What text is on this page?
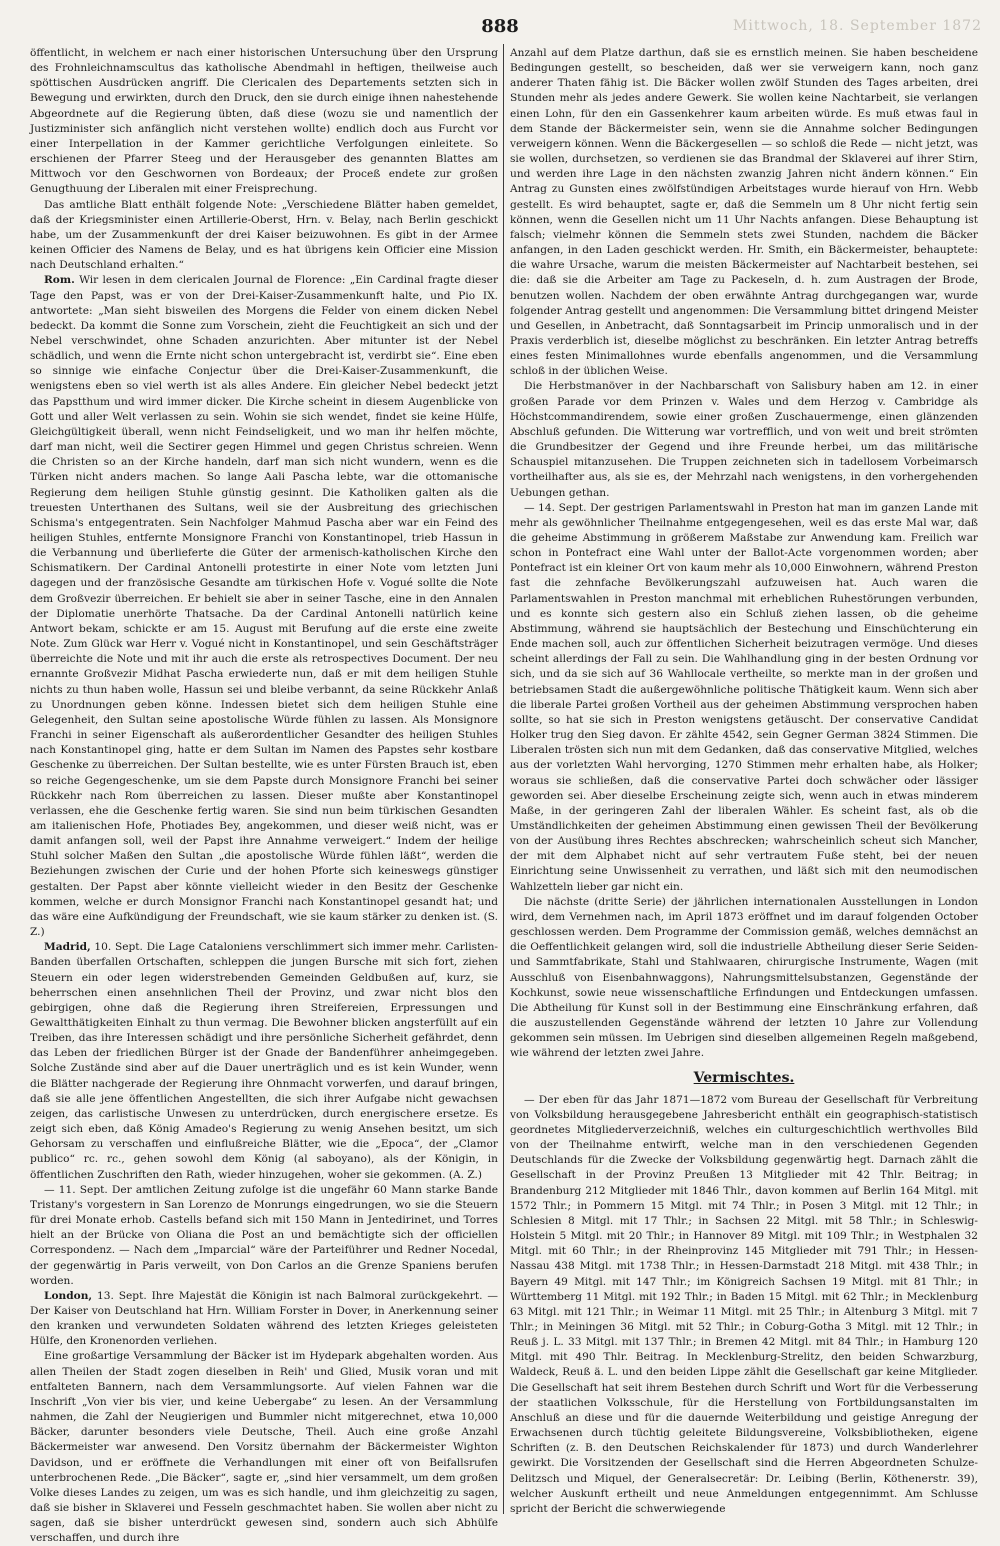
888	Mittwoch, 18. September 1872

öffentlicht, in welchem er nach einer historischen Untersuchung über den Ursprung des Frohnleichnamscultus das katholische Abendmahl in heftigen, theilweise auch spöttischen Ausdrücken angriff. Die Clericalen des Departements setzten sich in Bewegung und erwirkten, durch den Druck, den sie durch einige ihnen nahestehende Abgeordnete auf die Regierung übten, daß diese (wozu sie und namentlich der Justizminister sich anfänglich nicht verstehen wollte) endlich doch aus Furcht vor einer Interpellation in der Kammer gerichtliche Verfolgungen einleitete. So erschienen der Pfarrer Steeg und der Herausgeber des genannten Blattes am Mittwoch vor den Geschwornen von Bordeaux; der Proceß endete zur großen Genugthuung der Liberalen mit einer Freisprechung.

Das amtliche Blatt enthält folgende Note: „Verschiedene Blätter haben gemeldet, daß der Kriegsminister einen Artillerie-Oberst, Hrn. v. Belay, nach Berlin geschickt habe, um der Zusammenkunft der drei Kaiser beizuwohnen. Es gibt in der Armee keinen Officier des Namens de Belay, und es hat übrigens kein Officier eine Mission nach Deutschland erhalten.“

Rom. Wir lesen in dem clericalen Journal de Florence: „Ein Cardinal fragte dieser Tage den Papst, was er von der Drei-Kaiser-Zusammenkunft halte, und Pio IX. antwortete: „Man sieht bisweilen des Morgens die Felder von einem dicken Nebel bedeckt. Da kommt die Sonne zum Vorschein, zieht die Feuchtigkeit an sich und der Nebel verschwindet, ohne Schaden anzurichten. Aber mitunter ist der Nebel schädlich, und wenn die Ernte nicht schon untergebracht ist, verdirbt sie“. Eine eben so sinnige wie einfache Conjectur über die Drei-Kaiser-Zusammenkunft, die wenigstens eben so viel werth ist als alles Andere. Ein gleicher Nebel bedeckt jetzt das Papstthum und wird immer dicker. Die Kirche scheint in diesem Augenblicke von Gott und aller Welt verlassen zu sein. Wohin sie sich wendet, findet sie keine Hülfe, Gleichgültigkeit überall, wenn nicht Feindseligkeit, und wo man ihr helfen möchte, darf man nicht, weil die Sectirer gegen Himmel und gegen Christus schreien. Wenn die Christen so an der Kirche handeln, darf man sich nicht wundern, wenn es die Türken nicht anders machen. So lange Aali Pascha lebte, war die ottomanische Regierung dem heiligen Stuhle günstig gesinnt. Die Katholiken galten als die treuesten Unterthanen des Sultans, weil sie der Ausbreitung des griechischen Schisma's entgegentraten. Sein Nachfolger Mahmud Pascha aber war ein Feind des heiligen Stuhles, entfernte Monsignore Franchi von Konstantinopel, trieb Hassun in die Verbannung und überlieferte die Güter der armenisch-katholischen Kirche den Schismatikern. Der Cardinal Antonelli protestirte in einer Note vom letzten Juni dagegen und der französische Gesandte am türkischen Hofe v. Vogué sollte die Note dem Großvezir überreichen. Er behielt sie aber in seiner Tasche, eine in den Annalen der Diplomatie unerhörte Thatsache. Da der Cardinal Antonelli natürlich keine Antwort bekam, schickte er am 15. August mit Berufung auf die erste eine zweite Note. Zum Glück war Herr v. Vogué nicht in Konstantinopel, und sein Geschäftsträger überreichte die Note und mit ihr auch die erste als retrospectives Document. Der neu ernannte Großvezir Midhat Pascha erwiederte nun, daß er mit dem heiligen Stuhle nichts zu thun haben wolle, Hassun sei und bleibe verbannt, da seine Rückkehr Anlaß zu Unordnungen geben könne. Indessen bietet sich dem heiligen Stuhle eine Gelegenheit, den Sultan seine apostolische Würde fühlen zu lassen. Als Monsignore Franchi in seiner Eigenschaft als außerordentlicher Gesandter des heiligen Stuhles nach Konstantinopel ging, hatte er dem Sultan im Namen des Papstes sehr kostbare Geschenke zu überreichen. Der Sultan bestellte, wie es unter Fürsten Brauch ist, eben so reiche Gegengeschenke, um sie dem Papste durch Monsignore Franchi bei seiner Rückkehr nach Rom überreichen zu lassen. Dieser mußte aber Konstantinopel verlassen, ehe die Geschenke fertig waren. Sie sind nun beim türkischen Gesandten am italienischen Hofe, Photiades Bey, angekommen, und dieser weiß nicht, was er damit anfangen soll, weil der Papst ihre Annahme verweigert.“ Indem der heilige Stuhl solcher Maßen den Sultan „die apostolische Würde fühlen läßt“, werden die Beziehungen zwischen der Curie und der hohen Pforte sich keineswegs günstiger gestalten. Der Papst aber könnte vielleicht wieder in den Besitz der Geschenke kommen, welche er durch Monsignor Franchi nach Konstantinopel gesandt hat; und das wäre eine Aufkündigung der Freundschaft, wie sie kaum stärker zu denken ist. (S. Z.)

Madrid, 10. Sept. Die Lage Cataloniens verschlimmert sich immer mehr. Carlisten-Banden überfallen Ortschaften, schleppen die jungen Bursche mit sich fort, ziehen Steuern ein oder legen widerstrebenden Gemeinden Geldbußen auf, kurz, sie beherrschen einen ansehnlichen Theil der Provinz, und zwar nicht blos den gebirgigen, ohne daß die Regierung ihren Streifereien, Erpressungen und Gewaltthätigkeiten Einhalt zu thun vermag. Die Bewohner blicken angsterfüllt auf ein Treiben, das ihre Interessen schädigt und ihre persönliche Sicherheit gefährdet, denn das Leben der friedlichen Bürger ist der Gnade der Bandenführer anheimgegeben. Solche Zustände sind aber auf die Dauer unerträglich und es ist kein Wunder, wenn die Blätter nachgerade der Regierung ihre Ohnmacht vorwerfen, und darauf bringen, daß sie alle jene öffentlichen Angestellten, die sich ihrer Aufgabe nicht gewachsen zeigen, das carlistische Unwesen zu unterdrücken, durch energischere ersetze. Es zeigt sich eben, daß König Amadeo's Regierung zu wenig Ansehen besitzt, um sich Gehorsam zu verschaffen und einflußreiche Blätter, wie die „Epoca“, der „Clamor publico“ rc. rc., gehen sowohl dem König (al saboyano), als der Königin, in öffentlichen Zuschriften den Rath, wieder hinzugehen, woher sie gekommen. (A. Z.)

— 11. Sept. Der amtlichen Zeitung zufolge ist die ungefähr 60 Mann starke Bande Tristany's vorgestern in San Lorenzo de Monrungs eingedrungen, wo sie die Steuern für drei Monate erhob. Castells befand sich mit 150 Mann in Jentedirinet, und Torres hielt an der Brücke von Oliana die Post an und bemächtigte sich der officiellen Correspondenz. — Nach dem „Imparcial“ wäre der Parteiführer und Redner Nocedal, der gegenwärtig in Paris verweilt, von Don Carlos an die Grenze Spaniens berufen worden.

London, 13. Sept. Ihre Majestät die Königin ist nach Balmoral zurückgekehrt. — Der Kaiser von Deutschland hat Hrn. William Forster in Dover, in Anerkennung seiner den kranken und verwundeten Soldaten während des letzten Krieges geleisteten Hülfe, den Kronenorden verliehen.

Eine großartige Versammlung der Bäcker ist im Hydepark abgehalten worden. Aus allen Theilen der Stadt zogen dieselben in Reih' und Glied, Musik voran und mit entfalteten Bannern, nach dem Versammlungsorte. Auf vielen Fahnen war die Inschrift „Von vier bis vier, und keine Uebergabe“ zu lesen. An der Versammlung nahmen, die Zahl der Neugierigen und Bummler nicht mitgerechnet, etwa 10,000 Bäcker, darunter besonders viele Deutsche, Theil. Auch eine große Anzahl Bäckermeister war anwesend. Den Vorsitz übernahm der Bäckermeister Wighton Davidson, und er eröffnete die Verhandlungen mit einer oft von Beifallsrufen unterbrochenen Rede. „Die Bäcker“, sagte er, „sind hier versammelt, um dem großen Volke dieses Landes zu zeigen, um was es sich handle, und ihm gleichzeitig zu sagen, daß sie bisher in Sklaverei und Fesseln geschmachtet haben. Sie wollen aber nicht zu sagen, daß sie bisher unterdrückt gewesen sind, sondern auch sich Abhülfe verschaffen, und durch ihre

Anzahl auf dem Platze darthun, daß sie es ernstlich meinen. Sie haben bescheidene Bedingungen gestellt, so bescheiden, daß wer sie verweigern kann, noch ganz anderer Thaten fähig ist. Die Bäcker wollen zwölf Stunden des Tages arbeiten, drei Stunden mehr als jedes andere Gewerk. Sie wollen keine Nachtarbeit, sie verlangen einen Lohn, für den ein Gassenkehrer kaum arbeiten würde. Es muß etwas faul in dem Stande der Bäckermeister sein, wenn sie die Annahme solcher Bedingungen verweigern können. Wenn die Bäckergesellen — so schloß die Rede — nicht jetzt, was sie wollen, durchsetzen, so verdienen sie das Brandmal der Sklaverei auf ihrer Stirn, und werden ihre Lage in den nächsten zwanzig Jahren nicht ändern können.“ Ein Antrag zu Gunsten eines zwölfstündigen Arbeitstages wurde hierauf von Hrn. Webb gestellt. Es wird behauptet, sagte er, daß die Semmeln um 8 Uhr nicht fertig sein können, wenn die Gesellen nicht um 11 Uhr Nachts anfangen. Diese Behauptung ist falsch; vielmehr können die Semmeln stets zwei Stunden, nachdem die Bäcker anfangen, in den Laden geschickt werden. Hr. Smith, ein Bäckermeister, behauptete: die wahre Ursache, warum die meisten Bäckermeister auf Nachtarbeit bestehen, sei die: daß sie die Arbeiter am Tage zu Packeseln, d. h. zum Austragen der Brode, benutzen wollen. Nachdem der oben erwähnte Antrag durchgegangen war, wurde folgender Antrag gestellt und angenommen: Die Versammlung bittet dringend Meister und Gesellen, in Anbetracht, daß Sonntagsarbeit im Princip unmoralisch und in der Praxis verderblich ist, dieselbe möglichst zu beschränken. Ein letzter Antrag betreffs eines festen Minimallohnes wurde ebenfalls angenommen, und die Versammlung schloß in der üblichen Weise.

Die Herbstmanöver in der Nachbarschaft von Salisbury haben am 12. in einer großen Parade vor dem Prinzen v. Wales und dem Herzog v. Cambridge als Höchstcommandirendem, sowie einer großen Zuschauermenge, einen glänzenden Abschluß gefunden. Die Witterung war vortrefflich, und von weit und breit strömten die Grundbesitzer der Gegend und ihre Freunde herbei, um das militärische Schauspiel mitanzusehen. Die Truppen zeichneten sich in tadellosem Vorbeimarsch vortheilhafter aus, als sie es, der Mehrzahl nach wenigstens, in den vorhergehenden Uebungen gethan.

— 14. Sept. Der gestrigen Parlamentswahl in Preston hat man im ganzen Lande mit mehr als gewöhnlicher Theilnahme entgegengesehen, weil es das erste Mal war, daß die geheime Abstimmung in größerem Maßstabe zur Anwendung kam. Freilich war schon in Pontefract eine Wahl unter der Ballot-Acte vorgenommen worden; aber Pontefract ist ein kleiner Ort von kaum mehr als 10,000 Einwohnern, während Preston fast die zehnfache Bevölkerungszahl aufzuweisen hat. Auch waren die Parlamentswahlen in Preston manchmal mit erheblichen Ruhestörungen verbunden, und es konnte sich gestern also ein Schluß ziehen lassen, ob die geheime Abstimmung, während sie hauptsächlich der Bestechung und Einschüchterung ein Ende machen soll, auch zur öffentlichen Sicherheit beizutragen vermöge. Und dieses scheint allerdings der Fall zu sein. Die Wahlhandlung ging in der besten Ordnung vor sich, und da sie sich auf 36 Wahllocale vertheilte, so merkte man in der großen und betriebsamen Stadt die außergewöhnliche politische Thätigkeit kaum. Wenn sich aber die liberale Partei großen Vortheil aus der geheimen Abstimmung versprochen haben sollte, so hat sie sich in Preston wenigstens getäuscht. Der conservative Candidat Holker trug den Sieg davon. Er zählte 4542, sein Gegner German 3824 Stimmen. Die Liberalen trösten sich nun mit dem Gedanken, daß das conservative Mitglied, welches aus der vorletzten Wahl hervorging, 1270 Stimmen mehr erhalten habe, als Holker; woraus sie schließen, daß die conservative Partei doch schwächer oder lässiger geworden sei. Aber dieselbe Erscheinung zeigte sich, wenn auch in etwas minderem Maße, in der geringeren Zahl der liberalen Wähler. Es scheint fast, als ob die Umständlichkeiten der geheimen Abstimmung einen gewissen Theil der Bevölkerung von der Ausübung ihres Rechtes abschrecken; wahrscheinlich scheut sich Mancher, der mit dem Alphabet nicht auf sehr vertrautem Fuße steht, bei der neuen Einrichtung seine Unwissenheit zu verrathen, und läßt sich mit den neumodischen Wahlzetteln lieber gar nicht ein.

Die nächste (dritte Serie) der jährlichen internationalen Ausstellungen in London wird, dem Vernehmen nach, im April 1873 eröffnet und im darauf folgenden October geschlossen werden. Dem Programme der Commission gemäß, welches demnächst an die Oeffentlichkeit gelangen wird, soll die industrielle Abtheilung dieser Serie Seiden- und Sammtfabrikate, Stahl und Stahlwaaren, chirurgische Instrumente, Wagen (mit Ausschluß von Eisenbahnwaggons), Nahrungsmittelsubstanzen, Gegenstände der Kochkunst, sowie neue wissenschaftliche Erfindungen und Entdeckungen umfassen. Die Abtheilung für Kunst soll in der Bestimmung eine Einschränkung erfahren, daß die auszustellenden Gegenstände während der letzten 10 Jahre zur Vollendung gekommen sein müssen. Im Uebrigen sind dieselben allgemeinen Regeln maßgebend, wie während der letzten zwei Jahre.

Vermischtes.

— Der eben für das Jahr 1871—1872 vom Bureau der Gesellschaft für Verbreitung von Volksbildung herausgegebene Jahresbericht enthält ein geographisch-statistisch geordnetes Mitgliederverzeichniß, welches ein culturgeschichtlich werthvolles Bild von der Theilnahme entwirft, welche man in den verschiedenen Gegenden Deutschlands für die Zwecke der Volksbildung gegenwärtig hegt. Darnach zählt die Gesellschaft in der Provinz Preußen 13 Mitglieder mit 42 Thlr. Beitrag; in Brandenburg 212 Mitglieder mit 1846 Thlr., davon kommen auf Berlin 164 Mitgl. mit 1572 Thlr.; in Pommern 15 Mitgl. mit 74 Thlr.; in Posen 3 Mitgl. mit 12 Thlr.; in Schlesien 8 Mitgl. mit 17 Thlr.; in Sachsen 22 Mitgl. mit 58 Thlr.; in Schleswig-Holstein 5 Mitgl. mit 20 Thlr.; in Hannover 89 Mitgl. mit 109 Thlr.; in Westphalen 32 Mitgl. mit 60 Thlr.; in der Rheinprovinz 145 Mitglieder mit 791 Thlr.; in Hessen-Nassau 438 Mitgl. mit 1738 Thlr.; in Hessen-Darmstadt 218 Mitgl. mit 438 Thlr.; in Bayern 49 Mitgl. mit 147 Thlr.; im Königreich Sachsen 19 Mitgl. mit 81 Thlr.; in Württemberg 11 Mitgl. mit 192 Thlr.; in Baden 15 Mitgl. mit 62 Thlr.; in Mecklenburg 63 Mitgl. mit 121 Thlr.; in Weimar 11 Mitgl. mit 25 Thlr.; in Altenburg 3 Mitgl. mit 7 Thlr.; in Meiningen 36 Mitgl. mit 52 Thlr.; in Coburg-Gotha 3 Mitgl. mit 12 Thlr.; in Reuß j. L. 33 Mitgl. mit 137 Thlr.; in Bremen 42 Mitgl. mit 84 Thlr.; in Hamburg 120 Mitgl. mit 490 Thlr. Beitrag. In Mecklenburg-Strelitz, den beiden Schwarzburg, Waldeck, Reuß ä. L. und den beiden Lippe zählt die Gesellschaft gar keine Mitglieder. Die Gesellschaft hat seit ihrem Bestehen durch Schrift und Wort für die Verbesserung der staatlichen Volksschule, für die Herstellung von Fortbildungsanstalten im Anschluß an diese und für die dauernde Weiterbildung und geistige Anregung der Erwachsenen durch tüchtig geleitete Bildungsvereine, Volksbibliotheken, eigene Schriften (z. B. den Deutschen Reichskalender für 1873) und durch Wanderlehrer gewirkt. Die Vorsitzenden der Gesellschaft sind die Herren Abgeordneten Schulze-Delitzsch und Miquel, der Generalsecretär: Dr. Leibing (Berlin, Köthenerstr. 39), welcher Auskunft ertheilt und neue Anmeldungen entgegennimmt. Am Schlusse spricht der Bericht die schwerwiegende
